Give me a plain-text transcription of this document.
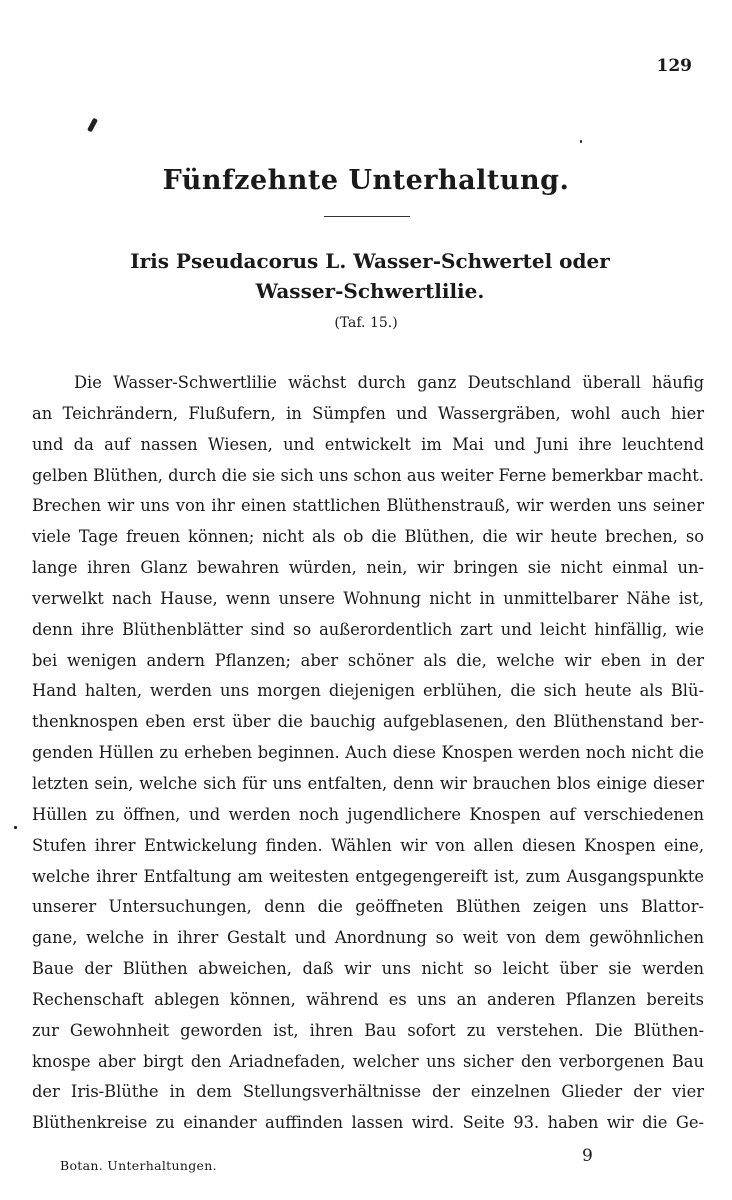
129
Fünfzehnte Unterhaltung.
Iris Pseudacorus L. Wasser-Schwertel oder
Wasser-Schwertlilie.
(Taf. 15.)
Die Wasser-Schwertlilie wächst durch ganz Deutschland überall häufig
an Teichrändern, Flußufern, in Sümpfen und Wassergräben, wohl auch hier
und da auf nassen Wiesen, und entwickelt im Mai und Juni ihre leuchtend
gelben Blüthen, durch die sie sich uns schon aus weiter Ferne bemerkbar macht.
Brechen wir uns von ihr einen stattlichen Blüthenstrauß, wir werden uns seiner
viele Tage freuen können; nicht als ob die Blüthen, die wir heute brechen, so
lange ihren Glanz bewahren würden, nein, wir bringen sie nicht einmal un-
verwelkt nach Hause, wenn unsere Wohnung nicht in unmittelbarer Nähe ist,
denn ihre Blüthenblätter sind so außerordentlich zart und leicht hinfällig, wie
bei wenigen andern Pflanzen; aber schöner als die, welche wir eben in der
Hand halten, werden uns morgen diejenigen erblühen, die sich heute als Blü-
thenknospen eben erst über die bauchig aufgeblasenen, den Blüthenstand ber-
genden Hüllen zu erheben beginnen. Auch diese Knospen werden noch nicht die
letzten sein, welche sich für uns entfalten, denn wir brauchen blos einige dieser
Hüllen zu öffnen, und werden noch jugendlichere Knospen auf verschiedenen
Stufen ihrer Entwickelung finden. Wählen wir von allen diesen Knospen eine,
welche ihrer Entfaltung am weitesten entgegengereift ist, zum Ausgangspunkte
unserer Untersuchungen, denn die geöffneten Blüthen zeigen uns Blattor-
gane, welche in ihrer Gestalt und Anordnung so weit von dem gewöhnlichen
Baue der Blüthen abweichen, daß wir uns nicht so leicht über sie werden
Rechenschaft ablegen können, während es uns an anderen Pflanzen bereits
zur Gewohnheit geworden ist, ihren Bau sofort zu verstehen. Die Blüthen-
knospe aber birgt den Ariadnefaden, welcher uns sicher den verborgenen Bau
der Iris-Blüthe in dem Stellungsverhältnisse der einzelnen Glieder der vier
Blüthenkreise zu einander auffinden lassen wird. Seite 93. haben wir die Ge-
Botan. Unterhaltungen.	9
